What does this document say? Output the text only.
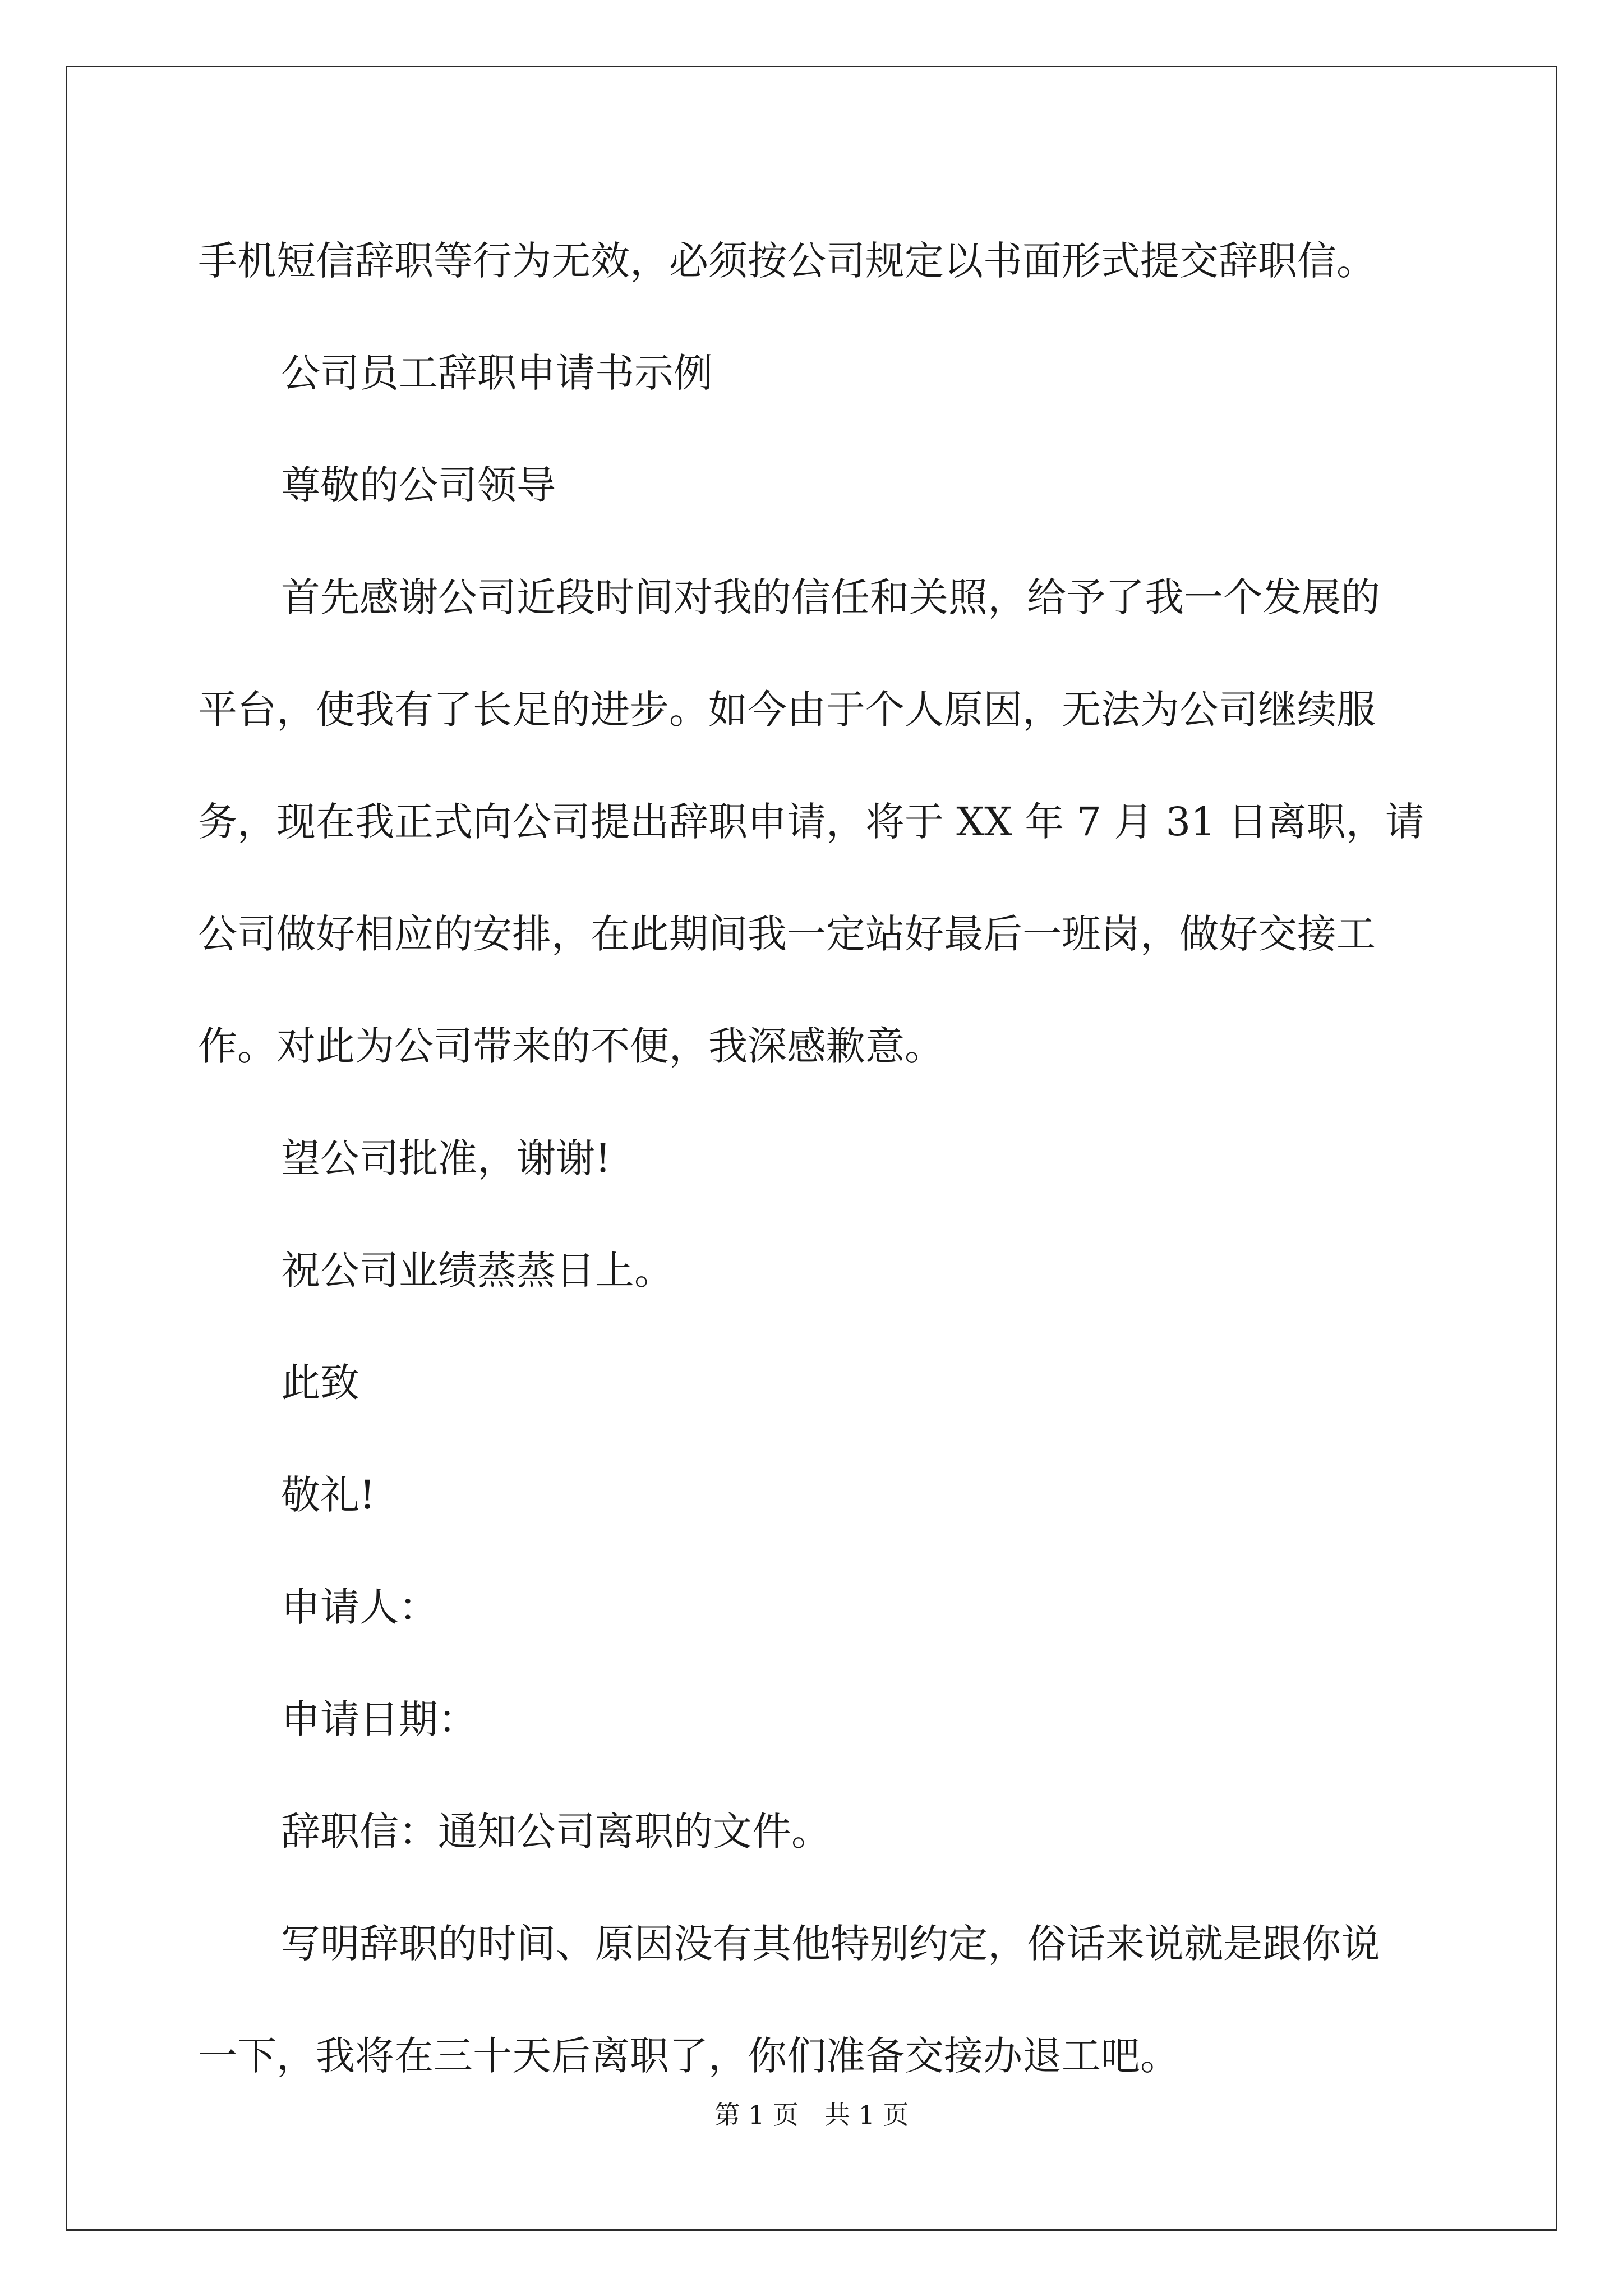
手机短信辞职等行为无效，必须按公司规定以书面形式提交辞职信。

公司员工辞职申请书示例

尊敬的公司领导

首先感谢公司近段时间对我的信任和关照，给予了我一个发展的

平台，使我有了长足的进步。如今由于个人原因，无法为公司继续服

务，现在我正式向公司提出辞职申请，将于 XX 年 7 月 31 日离职，请

公司做好相应的安排，在此期间我一定站好最后一班岗，做好交接工

作。对此为公司带来的不便，我深感歉意。

望公司批准，谢谢!

祝公司业绩蒸蒸日上。

此致

敬礼!

申请人：

申请日期：

辞职信：通知公司离职的文件。

写明辞职的时间、原因没有其他特别约定，俗话来说就是跟你说

一下，我将在三十天后离职了，你们准备交接办退工吧。

第 1 页　共 1 页
